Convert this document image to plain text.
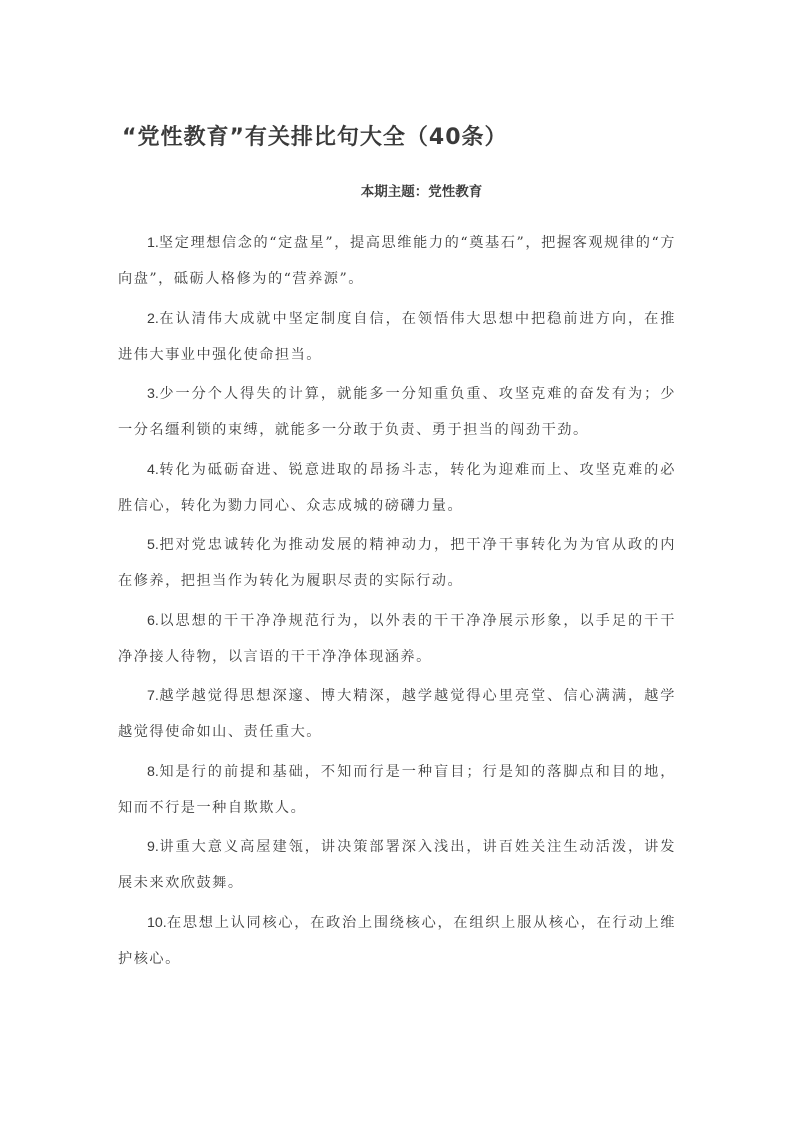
“党性教育”有关排比句大全（40条）
本期主题：党性教育

1.坚定理想信念的“定盘星”，提高思维能力的“奠基石”，把握客观规律的“方向盘”，砥砺人格修为的“营养源”。

2.在认清伟大成就中坚定制度自信，在领悟伟大思想中把稳前进方向，在推进伟大事业中强化使命担当。

3.少一分个人得失的计算，就能多一分知重负重、攻坚克难的奋发有为；少一分名缰利锁的束缚，就能多一分敢于负责、勇于担当的闯劲干劲。

4.转化为砥砺奋进、锐意进取的昂扬斗志，转化为迎难而上、攻坚克难的必胜信心，转化为勠力同心、众志成城的磅礴力量。

5.把对党忠诚转化为推动发展的精神动力，把干净干事转化为为官从政的内在修养，把担当作为转化为履职尽责的实际行动。

6.以思想的干干净净规范行为，以外表的干干净净展示形象，以手足的干干净净接人待物，以言语的干干净净体现涵养。

7.越学越觉得思想深邃、博大精深，越学越觉得心里亮堂、信心满满，越学越觉得使命如山、责任重大。

8.知是行的前提和基础，不知而行是一种盲目；行是知的落脚点和目的地，知而不行是一种自欺欺人。

9.讲重大意义高屋建瓴，讲决策部署深入浅出，讲百姓关注生动活泼，讲发展未来欢欣鼓舞。

10.在思想上认同核心，在政治上围绕核心，在组织上服从核心，在行动上维护核心。
